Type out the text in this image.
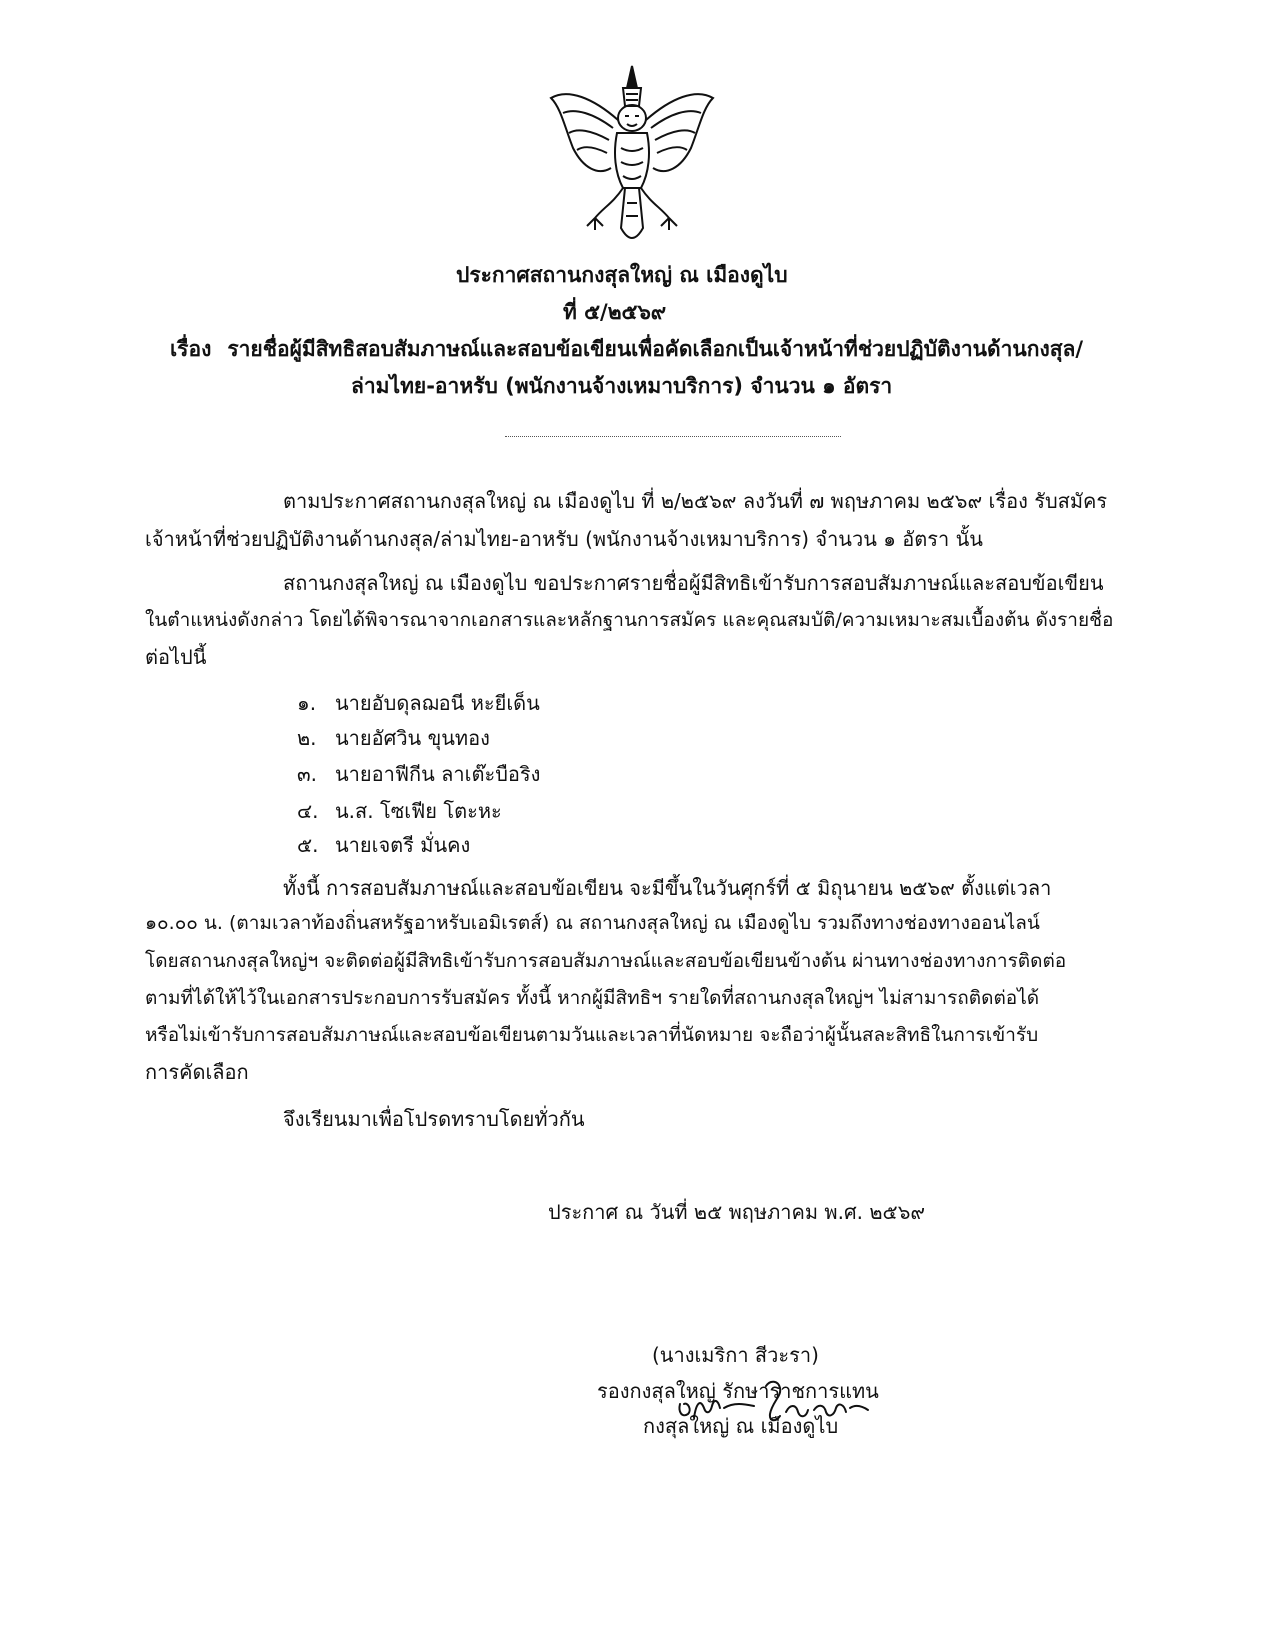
ประกาศสถานกงสุลใหญ่ ณ เมืองดูไบ
ที่ ๕/๒๕๖๙
เรื่อง รายชื่อผู้มีสิทธิสอบสัมภาษณ์และสอบข้อเขียนเพื่อคัดเลือกเป็นเจ้าหน้าที่ช่วยปฏิบัติงานด้านกงสุล/
ล่ามไทย-อาหรับ (พนักงานจ้างเหมาบริการ) จำนวน ๑ อัตรา
ตามประกาศสถานกงสุลใหญ่ ณ เมืองดูไบ ที่ ๒/๒๕๖๙ ลงวันที่ ๗ พฤษภาคม ๒๕๖๙ เรื่อง รับสมัคร
เจ้าหน้าที่ช่วยปฏิบัติงานด้านกงสุล/ล่ามไทย-อาหรับ (พนักงานจ้างเหมาบริการ) จำนวน ๑ อัตรา นั้น
สถานกงสุลใหญ่ ณ เมืองดูไบ ขอประกาศรายชื่อผู้มีสิทธิเข้ารับการสอบสัมภาษณ์และสอบข้อเขียน
ในตำแหน่งดังกล่าว โดยได้พิจารณาจากเอกสารและหลักฐานการสมัคร และคุณสมบัติ/ความเหมาะสมเบื้องต้น ดังรายชื่อ
ต่อไปนี้
๑. นายอับดุลฌอนี หะยีเด็น
๒. นายอัศวิน ขุนทอง
๓. นายอาฟีกีน ลาเต๊ะบือริง
๔. น.ส. โซเฟีย โตะหะ
๕. นายเจตรี มั่นคง
ทั้งนี้ การสอบสัมภาษณ์และสอบข้อเขียน จะมีขึ้นในวันศุกร์ที่ ๕ มิถุนายน ๒๕๖๙ ตั้งแต่เวลา
๑๐.๐๐ น. (ตามเวลาท้องถิ่นสหรัฐอาหรับเอมิเรตส์) ณ สถานกงสุลใหญ่ ณ เมืองดูไบ รวมถึงทางช่องทางออนไลน์
โดยสถานกงสุลใหญ่ฯ จะติดต่อผู้มีสิทธิเข้ารับการสอบสัมภาษณ์และสอบข้อเขียนข้างต้น ผ่านทางช่องทางการติดต่อ
ตามที่ได้ให้ไว้ในเอกสารประกอบการรับสมัคร ทั้งนี้ หากผู้มีสิทธิฯ รายใดที่สถานกงสุลใหญ่ฯ ไม่สามารถติดต่อได้
หรือไม่เข้ารับการสอบสัมภาษณ์และสอบข้อเขียนตามวันและเวลาที่นัดหมาย จะถือว่าผู้นั้นสละสิทธิในการเข้ารับ
การคัดเลือก
จึงเรียนมาเพื่อโปรดทราบโดยทั่วกัน
ประกาศ ณ วันที่ ๒๕ พฤษภาคม พ.ศ. ๒๕๖๙
(นางเมริกา สีวะรา)
รองกงสุลใหญ่ รักษาราชการแทน
กงสุลใหญ่ ณ เมืองดูไบ
